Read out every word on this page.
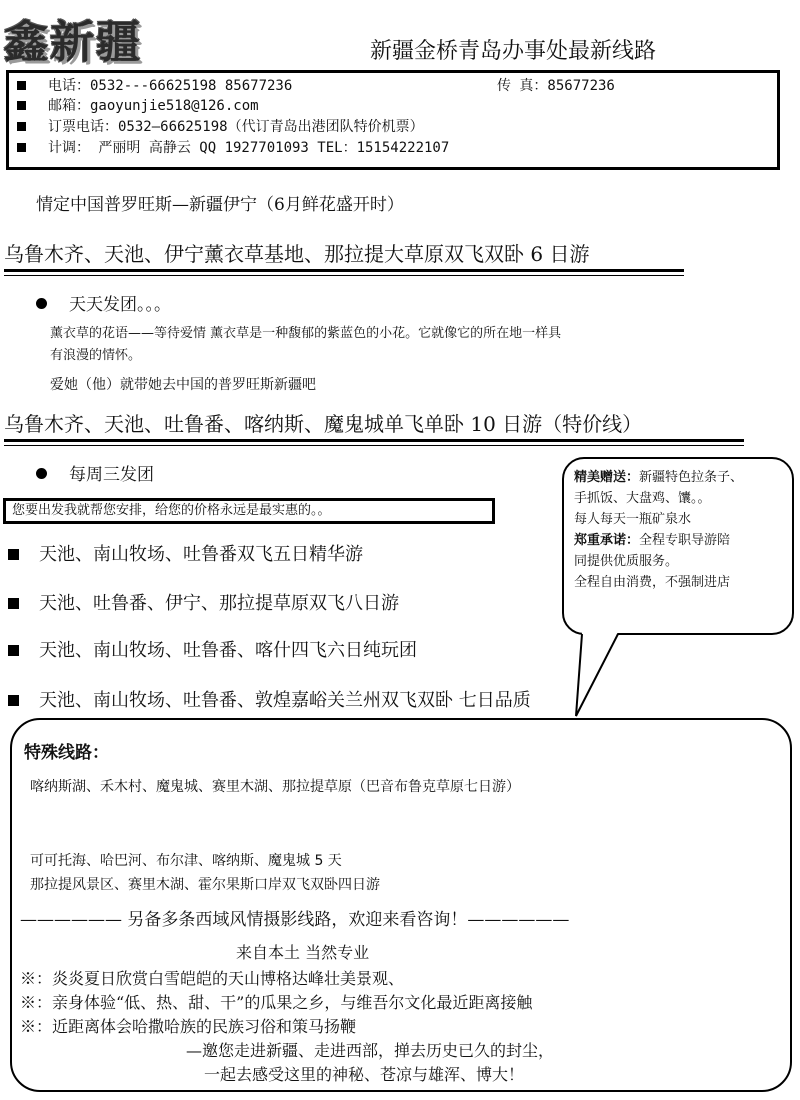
鑫新疆	新疆金桥青岛办事处最新线路
电话：0532---66625198 85677236	传 真：85677236
邮箱：gaoyunjie518@126.com
订票电话：0532—66625198（代订青岛出港团队特价机票）
计调： 严丽明 高静云 QQ 1927701093 TEL：15154222107
情定中国普罗旺斯—新疆伊宁（6月鲜花盛开时）
乌鲁木齐、天池、伊宁薰衣草基地、那拉提大草原双飞双卧 6 日游
天天发团。。。
薰衣草的花语——等待爱情 薰衣草是一种馥郁的紫蓝色的小花。它就像它的所在地一样具
有浪漫的情怀。
爱她（他）就带她去中国的普罗旺斯新疆吧
乌鲁木齐、天池、吐鲁番、喀纳斯、魔鬼城单飞单卧 10 日游（特价线）
每周三发团
您要出发我就帮您安排，给您的价格永远是最实惠的。。
精美赠送：新疆特色拉条子、
手抓饭、大盘鸡、馕。。
每人每天一瓶矿泉水
郑重承诺：全程专职导游陪
同提供优质服务。
全程自由消费，不强制进店
天池、南山牧场、吐鲁番双飞五日精华游
天池、吐鲁番、伊宁、那拉提草原双飞八日游
天池、南山牧场、吐鲁番、喀什四飞六日纯玩团
天池、南山牧场、吐鲁番、敦煌嘉峪关兰州双飞双卧 七日品质
特殊线路：
喀纳斯湖、禾木村、魔鬼城、赛里木湖、那拉提草原（巴音布鲁克草原七日游）
可可托海、哈巴河、布尔津、喀纳斯、魔鬼城 5 天
那拉提风景区、赛里木湖、霍尔果斯口岸双飞双卧四日游
—————— 另备多条西域风情摄影线路，欢迎来看咨询！——————
来自本土 当然专业
※：炎炎夏日欣赏白雪皑皑的天山博格达峰壮美景观、
※：亲身体验“低、热、甜、干”的瓜果之乡，与维吾尔文化最近距离接触
※：近距离体会哈撒哈族的民族习俗和策马扬鞭
—邀您走进新疆、走进西部，掸去历史已久的封尘，
一起去感受这里的神秘、苍凉与雄浑、博大！
